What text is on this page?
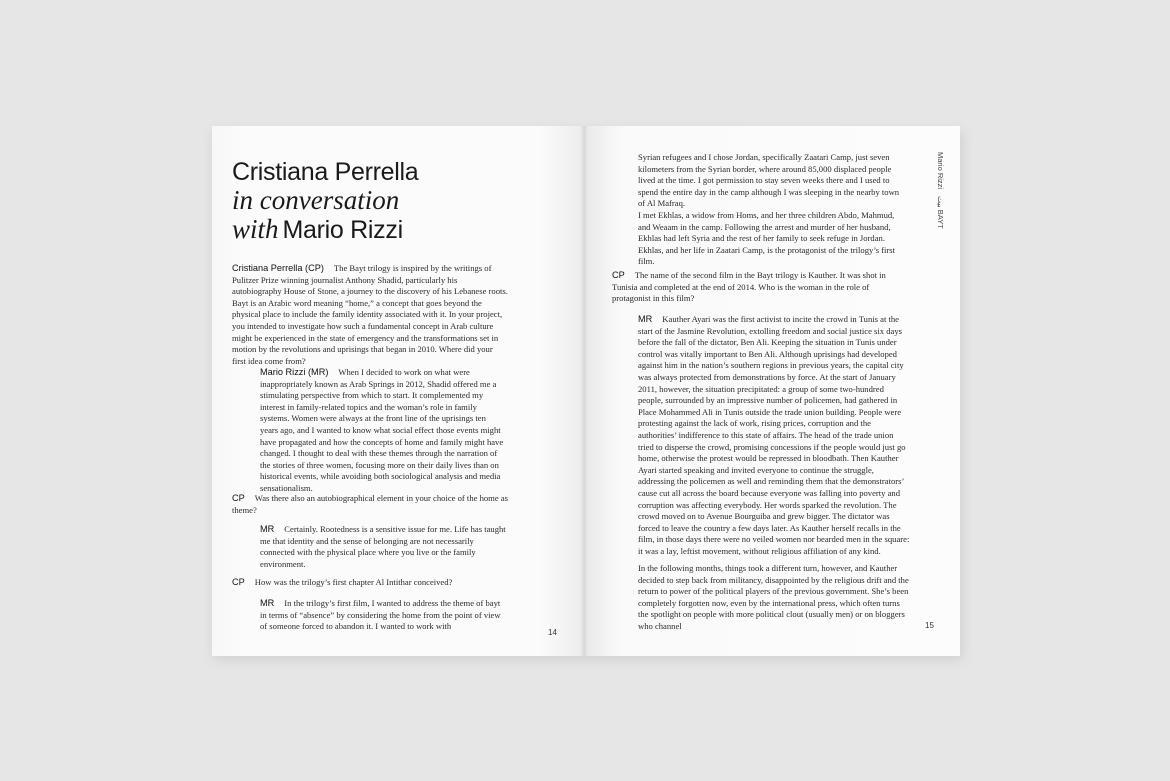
Cristiana Perrella
in conversation
with Mario Rizzi
Cristiana Perrella (CP) The Bayt trilogy is inspired by the writings of Pulitzer Prize winning journalist Anthony Shadid, particularly his autobiography House of Stone, a journey to the discovery of his Lebanese roots. Bayt is an Arabic word meaning “home,” a concept that goes beyond the physical place to include the family identity associated with it. In your project, you intended to investigate how such a fundamental concept in Arab culture might be experienced in the state of emergency and the transformations set in motion by the revolutions and uprisings that began in 2010. Where did your first idea come from?
Mario Rizzi (MR) When I decided to work on what were inappropriately known as Arab Springs in 2012, Shadid offered me a stimulating perspective from which to start. It complemented my interest in family-related topics and the woman’s role in family systems. Women were always at the front line of the uprisings ten years ago, and I wanted to know what social effect those events might have propagated and how the concepts of home and family might have changed. I thought to deal with these themes through the narration of the stories of three women, focusing more on their daily lives than on historical events, while avoiding both sociological analysis and media sensationalism.
CP Was there also an autobiographical element in your choice of the home as theme?
MR Certainly. Rootedness is a sensitive issue for me. Life has taught me that identity and the sense of belonging are not necessarily connected with the physical place where you live or the family environment.
CP How was the trilogy’s first chapter Al Intithar conceived?
MR In the trilogy’s first film, I wanted to address the theme of bayt in terms of “absence” by considering the home from the point of view of someone forced to abandon it. I wanted to work with
14
Syrian refugees and I chose Jordan, specifically Zaatari Camp, just seven kilometers from the Syrian border, where around 85,000 displaced people lived at the time. I got permission to stay seven weeks there and I used to spend the entire day in the camp although I was sleeping in the nearby town of Al Mafraq.
I met Ekhlas, a widow from Homs, and her three children Abdo, Mahmud, and Weaam in the camp. Following the arrest and murder of her husband, Ekhlas had left Syria and the rest of her family to seek refuge in Jordan. Ekhlas, and her life in Zaatari Camp, is the protagonist of the trilogy’s first film.
CP The name of the second film in the Bayt trilogy is Kauther. It was shot in Tunisia and completed at the end of 2014. Who is the woman in the role of protagonist in this film?
MR Kauther Ayari was the first activist to incite the crowd in Tunis at the start of the Jasmine Revolution, extolling freedom and social justice six days before the fall of the dictator, Ben Ali. Keeping the situation in Tunis under control was vitally important to Ben Ali. Although uprisings had developed against him in the nation’s southern regions in previous years, the capital city was always protected from demonstrations by force. At the start of January 2011, however, the situation precipitated: a group of some two-hundred people, surrounded by an impressive number of policemen, had gathered in Place Mohammed Ali in Tunis outside the trade union building. People were protesting against the lack of work, rising prices, corruption and the authorities’ indifference to this state of affairs. The head of the trade union tried to disperse the crowd, promising concessions if the people would just go home, otherwise the protest would be repressed in bloodbath. Then Kauther Ayari started speaking and invited everyone to continue the struggle, addressing the policemen as well and reminding them that the demonstrators’ cause cut all across the board because everyone was falling into poverty and corruption was affecting everybody. Her words sparked the revolution. The crowd moved on to Avenue Bourguiba and grew bigger. The dictator was forced to leave the country a few days later. As Kauther herself recalls in the film, in those days there were no veiled women nor bearded men in the square: it was a lay, leftist movement, without religious affiliation of any kind.
In the following months, things took a different turn, however, and Kauther decided to step back from militancy, disappointed by the religious drift and the return to power of the political players of the previous government. She’s been completely forgotten now, even by the international press, which often turns the spotlight on people with more political clout (usually men) or on bloggers who channel
Mario Rizzi
بيت BAYT
15
